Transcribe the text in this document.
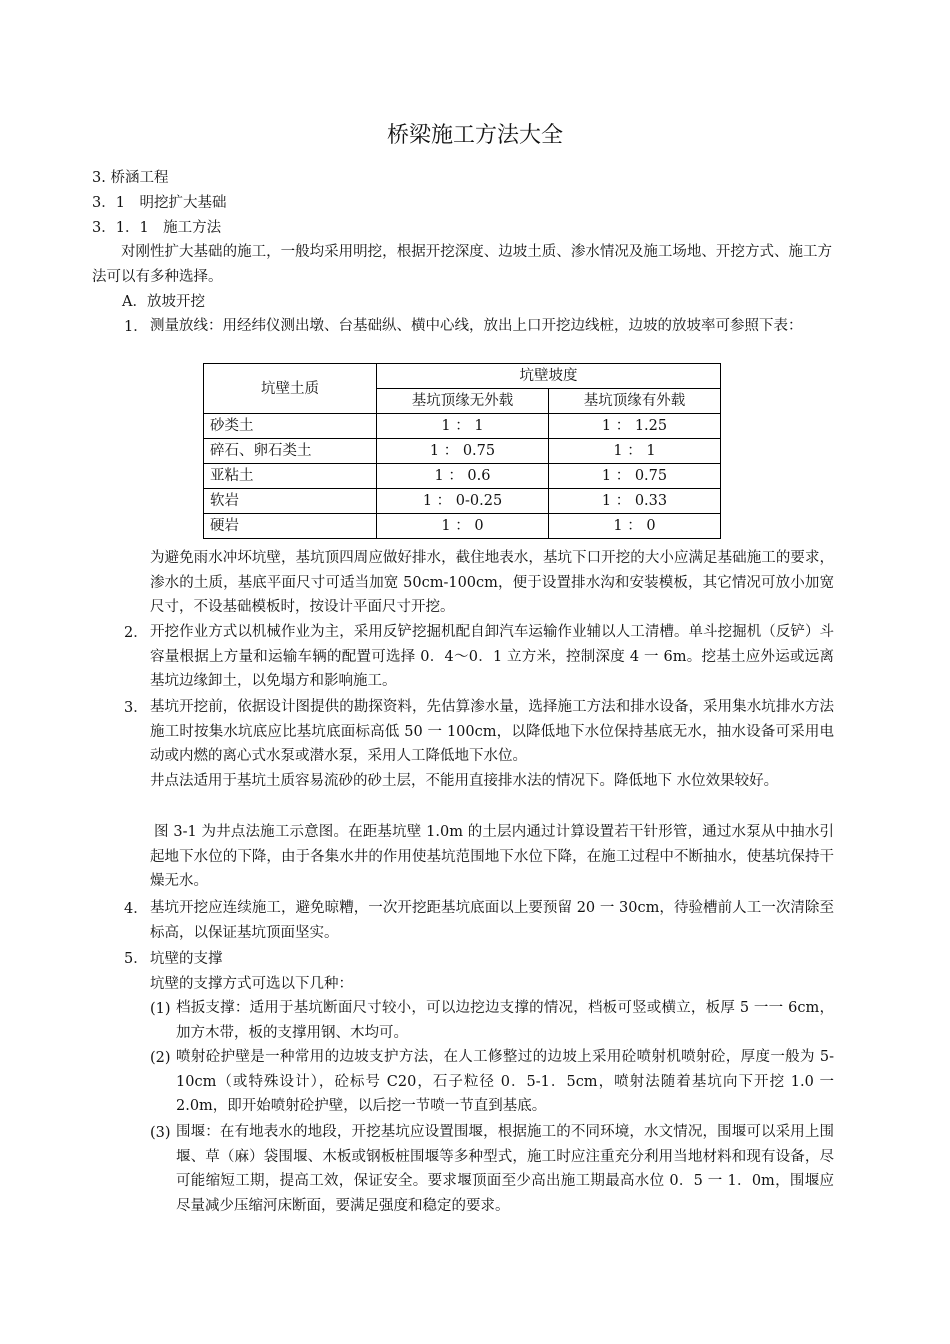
桥梁施工方法大全
3. 桥涵工程
3．1　明挖扩大基础
3．1．1　施工方法
对刚性扩大基础的施工，一般均采用明挖，根据开挖深度、边坡土质、渗水情况及施工场地、开挖方式、施工方法可以有多种选择。
A．放坡开挖
1． 测量放线：用经纬仪测出墩、台基础纵、横中心线，放出上口开挖边线桩，边坡的放坡率可参照下表：
坑壁土质	坑壁坡度	
	基坑顶缘无外载	基坑顶缘有外载
砂类土	1 ： 1	1 ： 1.25
碎石、卵石类土	1 ： 0.75	1 ： 1
亚粘土	1 ： 0.6	1 ： 0.75
软岩	1 ： 0-0.25	1 ： 0.33
硬岩	1 ： 0	1 ： 0
为避免雨水冲坏坑壁，基坑顶四周应做好排水，截住地表水，基坑下口开挖的大小应满足基础施工的要求，渗水的土质，基底平面尺寸可适当加宽 50cm-100cm，便于设置排水沟和安装模板，其它情况可放小加宽尺寸，不设基础模板时，按设计平面尺寸开挖。
2． 开挖作业方式以机械作业为主，采用反铲挖掘机配自卸汽车运输作业辅以人工清槽。单斗挖掘机（反铲）斗容量根据上方量和运输车辆的配置可选择 0．4～0．1 立方米，控制深度 4 一 6m。挖基土应外运或远离基坑边缘卸土，以免塌方和影响施工。
3． 基坑开挖前，依据设计图提供的勘探资料，先估算渗水量，选择施工方法和排水设备，采用集水坑排水方法施工时按集水坑底应比基坑底面标高低 50 一 100cm，以降低地下水位保持基底无水，抽水设备可采用电动或内燃的离心式水泵或潜水泵，采用人工降低地下水位。
井点法适用于基坑土质容易流砂的砂土层，不能用直接排水法的情况下。降低地下 水位效果较好。
图 3-1 为井点法施工示意图。在距基坑壁 1.0m 的土层内通过计算设置若干针形管，通过水泵从中抽水引起地下水位的下降，由于各集水井的作用使基坑范围地下水位下降，在施工过程中不断抽水，使基坑保持干燥无水。
4． 基坑开挖应连续施工，避免晾糟，一次开挖距基坑底面以上要预留 20 一 30cm，待验槽前人工一次清除至标高，以保证基坑顶面坚实。
5． 坑壁的支撑
坑壁的支撑方式可选以下几种：
(1) 档扳支撑：适用于基坑断面尺寸较小，可以边挖边支撑的情况，档板可竖或横立，板厚 5 一一 6cm，加方木带，板的支撑用钢、木均可。
(2) 喷射砼护壁是一种常用的边坡支护方法，在人工修整过的边坡上采用砼喷射机喷射砼，厚度一般为 5-10cm（或特殊设计），砼标号 C20，石子粒径 0．5-1．5cm，喷射法随着基坑向下开挖 1.0 一 2.0m，即开始喷射砼护壁，以后挖一节喷一节直到基底。
(3) 围堰：在有地表水的地段，开挖基坑应设置围堰，根据施工的不同环境，水文情况，围堰可以采用上围堰、草（麻）袋围堰、木板或钢板桩围堰等多种型式，施工时应注重充分利用当地材料和现有设备，尽可能缩短工期，提高工效，保证安全。要求堰顶面至少高出施工期最高水位 0．5 一 1．0m，围堰应尽量减少压缩河床断面，要满足强度和稳定的要求。
